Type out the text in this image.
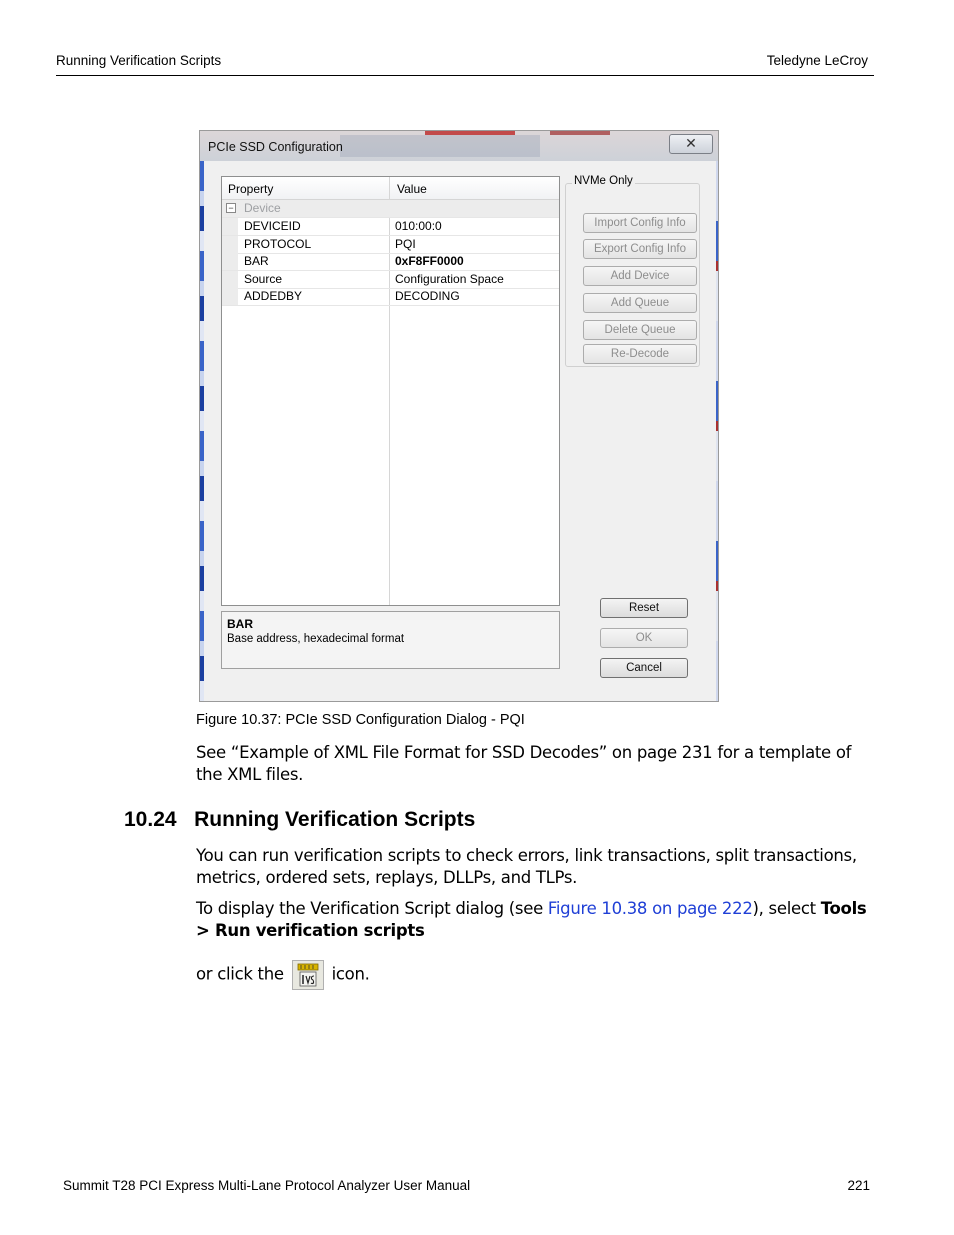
Running Verification Scripts	Teledyne LeCroy
PCIe SSD Configuration	✕
Property	Value
− Device
DEVICEID	010:00:0
PROTOCOL	PQI
BAR	0xF8FF0000
Source	Configuration Space
ADDEDBY	DECODING
BAR
Base address, hexadecimal format
NVMe Only
Import Config Info
Export Config Info
Add Device
Add Queue
Delete Queue
Re-Decode
Reset
OK
Cancel
Figure 10.37: PCIe SSD Configuration Dialog - PQI
See “Example of XML File Format for SSD Decodes” on page 231 for a template of the XML files.
10.24 Running Verification Scripts
You can run verification scripts to check errors, link transactions, split transactions, metrics, ordered sets, replays, DLLPs, and TLPs.
To display the Verification Script dialog (see Figure 10.38 on page 222), select Tools > Run verification scripts
or click the	icon.
Summit T28 PCI Express Multi-Lane Protocol Analyzer User Manual	221
